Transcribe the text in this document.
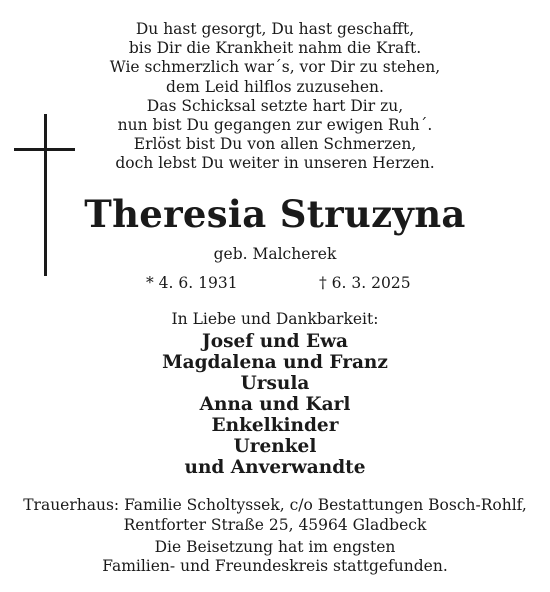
Du hast gesorgt, Du hast geschafft,
bis Dir die Krankheit nahm die Kraft.
Wie schmerzlich war´s, vor Dir zu stehen,
dem Leid hilflos zuzusehen.
Das Schicksal setzte hart Dir zu,
nun bist Du gegangen zur ewigen Ruh´.
Erlöst bist Du von allen Schmerzen,
doch lebst Du weiter in unseren Herzen.
Theresia Struzyna
geb. Malcherek
* 4. 6. 1931	† 6. 3. 2025
In Liebe und Dankbarkeit:
Josef und Ewa
Magdalena und Franz
Ursula
Anna und Karl
Enkelkinder
Urenkel
und Anverwandte
Trauerhaus: Familie Scholtyssek, c/o Bestattungen Bosch-Rohlf,
Rentforter Straße 25, 45964 Gladbeck
Die Beisetzung hat im engsten
Familien- und Freundeskreis stattgefunden.
